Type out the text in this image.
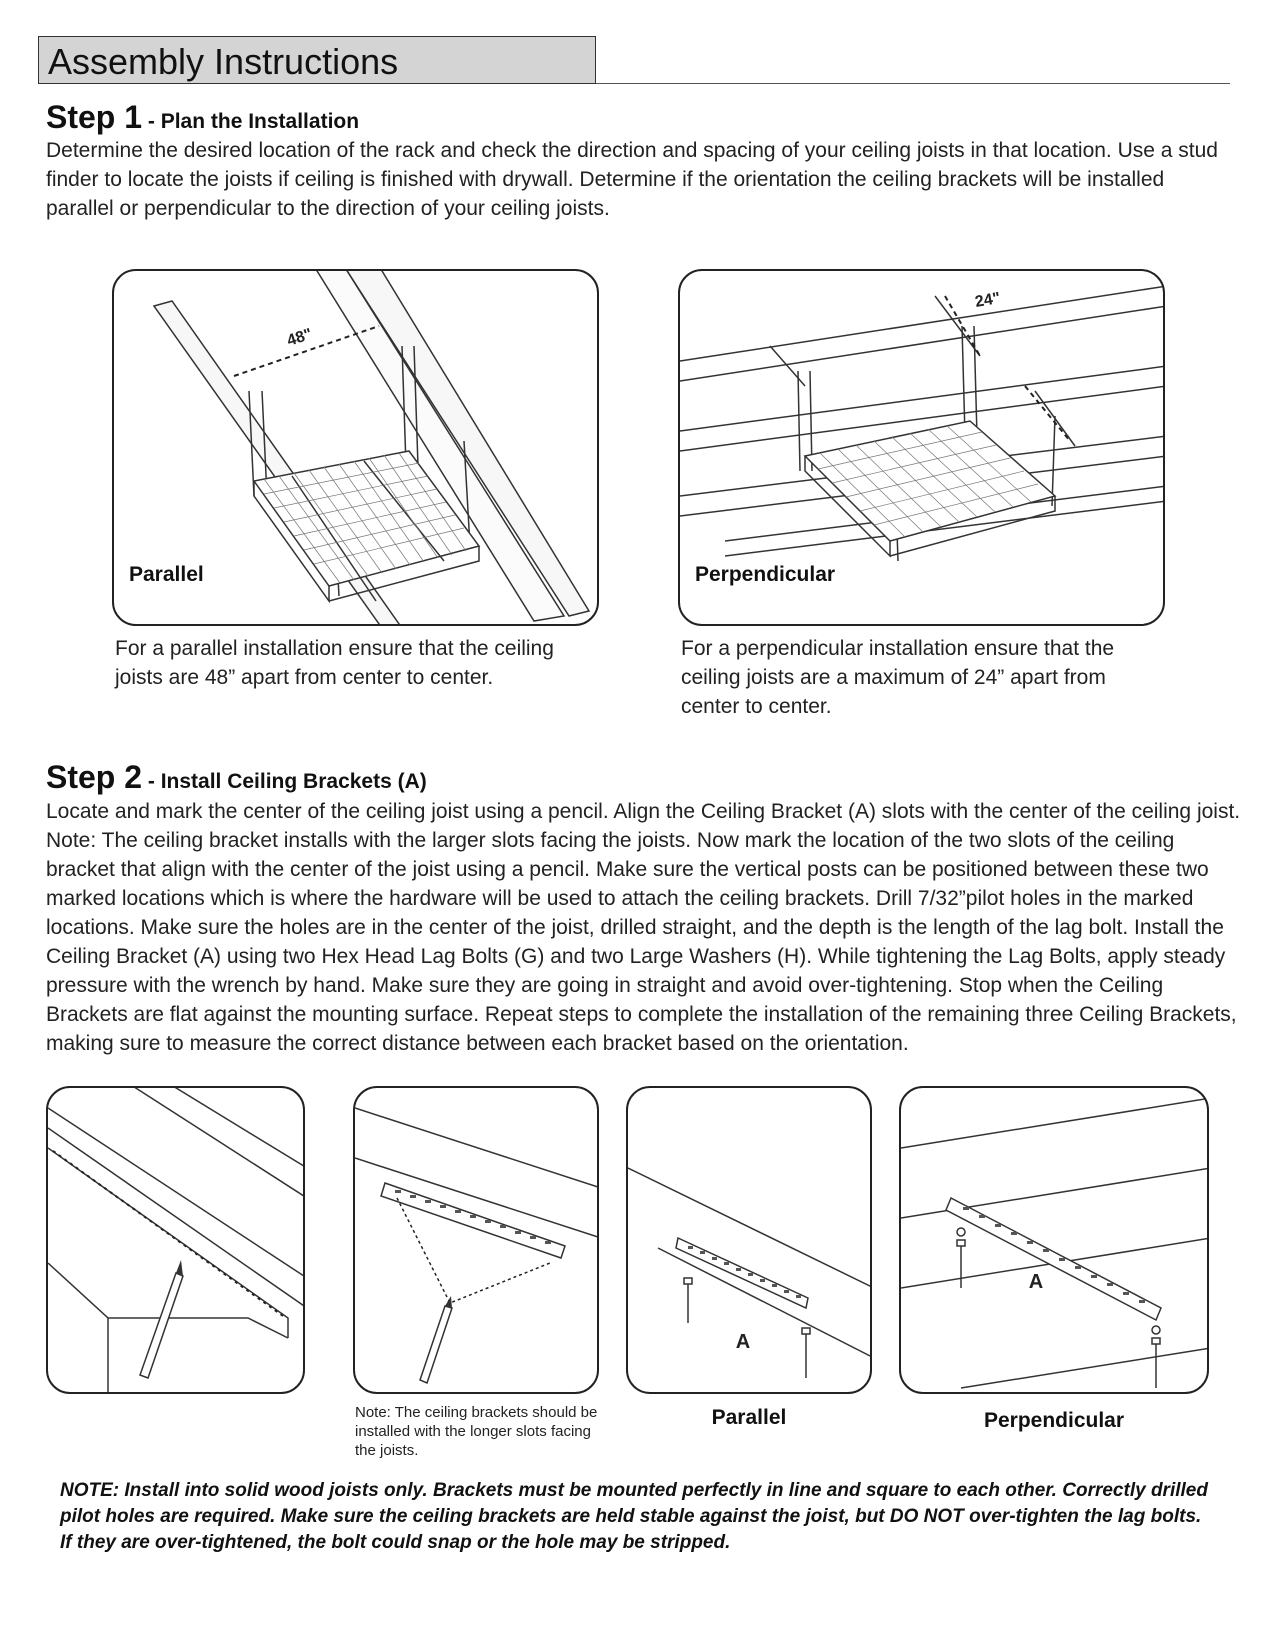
Assembly Instructions
Step 1 - Plan the Installation
Determine the desired location of the rack and check the direction and spacing of your ceiling joists in that location. Use a stud finder to locate the joists if ceiling is finished with drywall. Determine if the orientation the ceiling brackets will be installed parallel or perpendicular to the direction of your ceiling joists.
48"
Parallel
For a parallel installation ensure that the ceiling joists are 48” apart from center to center.
24"
Perpendicular
For a perpendicular installation ensure that the ceiling joists are a maximum of 24” apart from center to center.
Step 2 - Install Ceiling Brackets (A)
Locate and mark the center of the ceiling joist using a pencil. Align the Ceiling Bracket (A) slots with the center of the ceiling joist. Note: The ceiling bracket installs with the larger slots facing the joists. Now mark the location of the two slots of the ceiling bracket that align with the center of the joist using a pencil. Make sure the vertical posts can be positioned between these two marked locations which is where the hardware will be used to attach the ceiling brackets. Drill 7/32”pilot holes in the marked locations. Make sure the holes are in the center of the joist, drilled straight, and the depth is the length of the lag bolt. Install the Ceiling Bracket (A) using two Hex Head Lag Bolts (G) and two Large Washers (H). While tightening the Lag Bolts, apply steady pressure with the wrench by hand. Make sure they are going in straight and avoid over-tightening. Stop when the Ceiling Brackets are flat against the mounting surface. Repeat steps to complete the installation of the remaining three Ceiling Brackets, making sure to measure the correct distance between each bracket based on the orientation.
Note: The ceiling brackets should be installed with the longer slots facing the joists.
A
Parallel
A
Perpendicular
NOTE: Install into solid wood joists only. Brackets must be mounted perfectly in line and square to each other. Correctly drilled pilot holes are required. Make sure the ceiling brackets are held stable against the joist, but DO NOT over-tighten the lag bolts. If they are over-tightened, the bolt could snap or the hole may be stripped.
